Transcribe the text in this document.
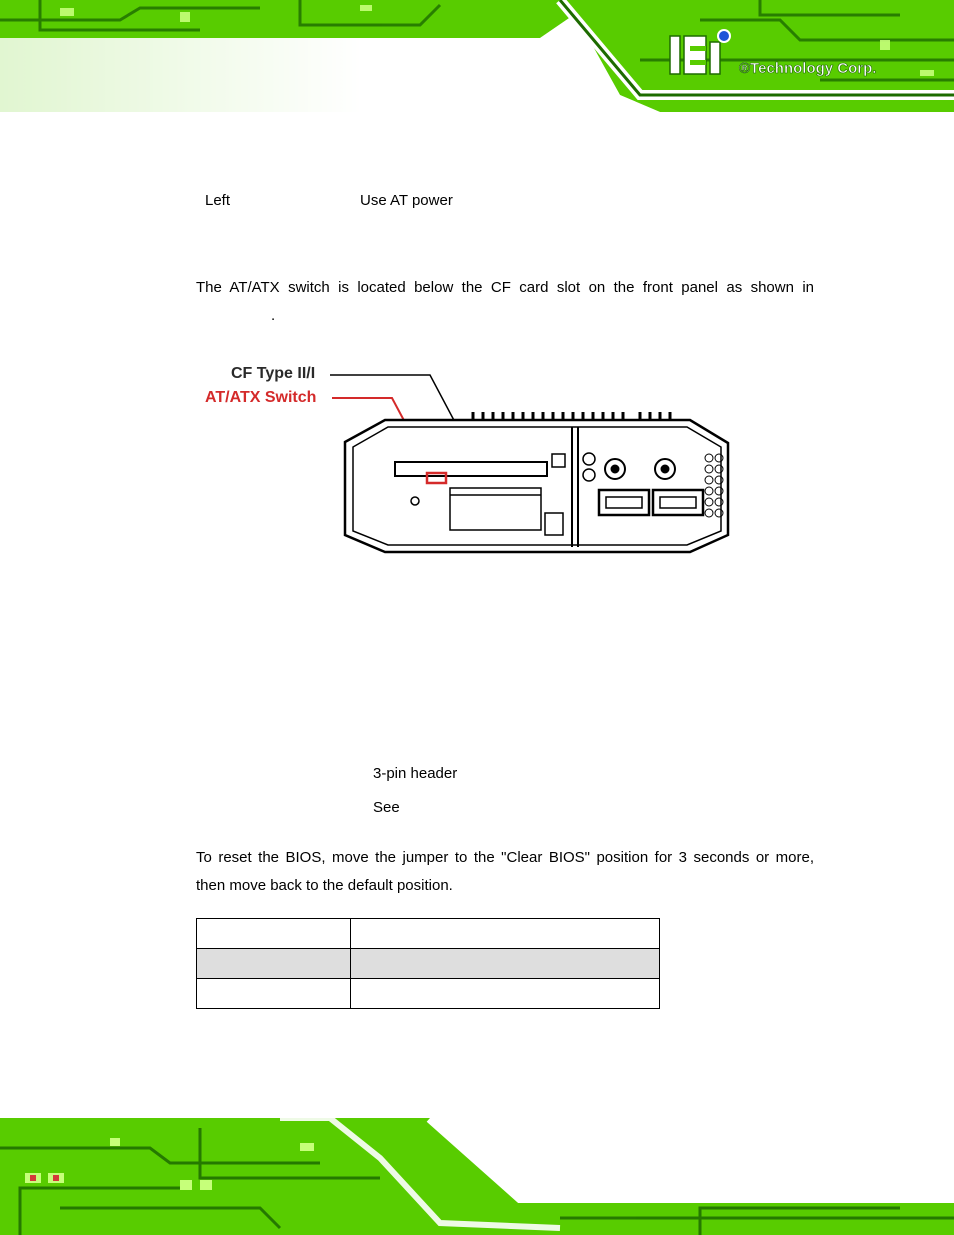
®Technology Corp.
Left	Use AT power
The AT/ATX switch is located below the CF card slot on the front panel as shown in
.
CF Type II/I
AT/ATX Switch
3-pin header
See
To reset the BIOS, move the jumper to the "Clear BIOS" position for 3 seconds or more,
then move back to the default position.
